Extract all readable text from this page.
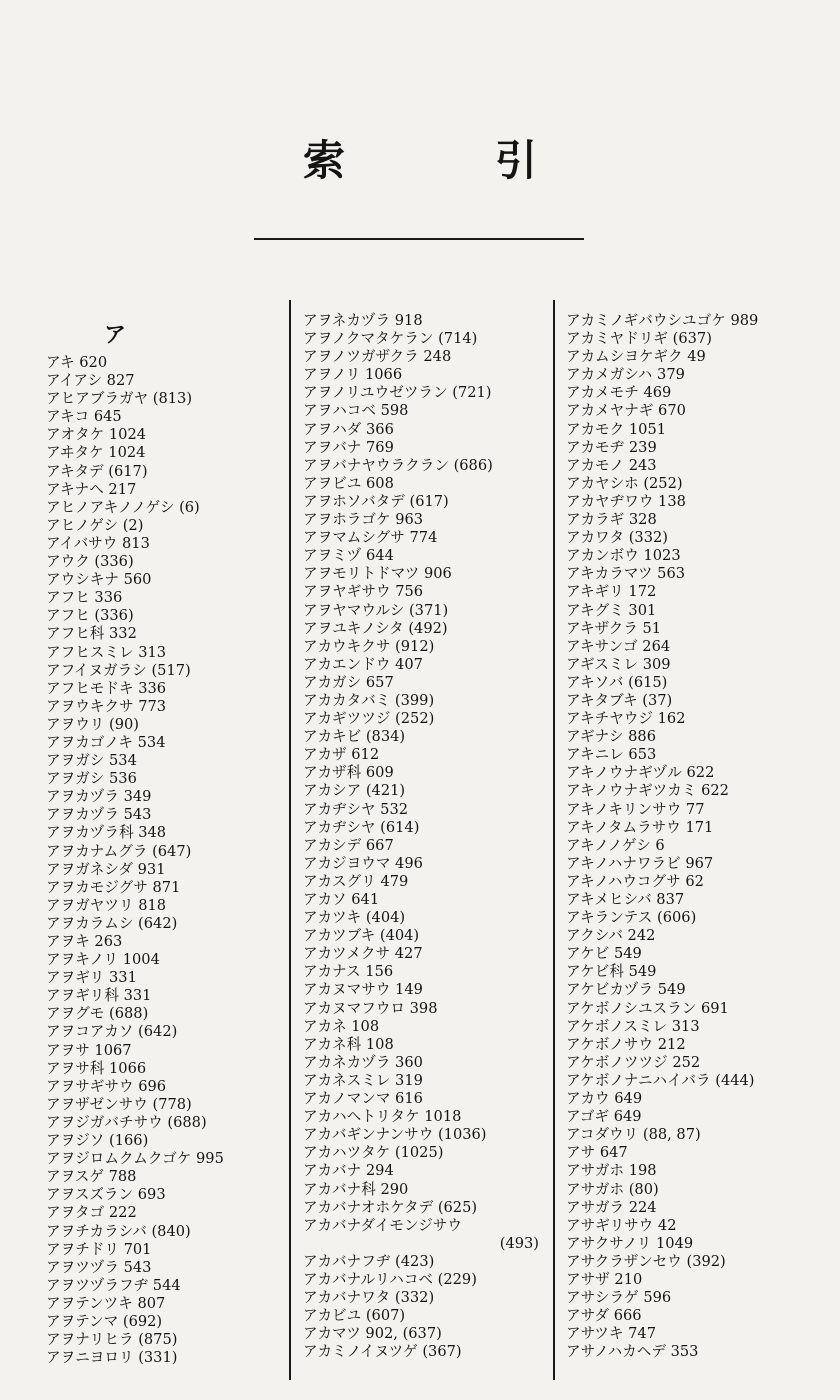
索	引
ア
アキ 620
アイアシ 827
アヒアブラガヤ (813)
アキコ 645
アオタケ 1024
アヰタケ 1024
アキタデ (617)
アキナヘ 217
アヒノアキノノゲシ (6)
アヒノゲシ (2)
アイバサウ 813
アウク (336)
アウシキナ 560
アフヒ 336
アフヒ (336)
アフヒ科 332
アフヒスミレ 313
アフイヌガラシ (517)
アフヒモドキ 336
アヲウキクサ 773
アヲウリ (90)
アヲカゴノキ 534
アヲガシ 534
アヲガシ 536
アヲカヅラ 349
アヲカヅラ 543
アヲカヅラ科 348
アヲカナムグラ (647)
アヲガネシダ 931
アヲカモジグサ 871
アヲガヤツリ 818
アヲカラムシ (642)
アヲキ 263
アヲキノリ 1004
アヲギリ 331
アヲギリ科 331
アヲグモ (688)
アヲコアカソ (642)
アヲサ 1067
アヲサ科 1066
アヲサギサウ 696
アヲザゼンサウ (778)
アヲジガバチサウ (688)
アヲジソ (166)
アヲジロムクムクゴケ 995
アヲスゲ 788
アヲスズラン 693
アヲタゴ 222
アヲチカラシバ (840)
アヲチドリ 701
アヲツヅラ 543
アヲツヅラフヂ 544
アヲテンツキ 807
アヲテンマ (692)
アヲナリヒラ (875)
アヲニヨロリ (331)
アヲネカヅラ 918
アヲノクマタケラン (714)
アヲノツガザクラ 248
アヲノリ 1066
アヲノリユウゼツラン (721)
アヲハコベ 598
アヲハダ 366
アヲバナ 769
アヲバナヤウラクラン (686)
アヲビユ 608
アヲホソバタデ (617)
アヲホラゴケ 963
アヲマムシグサ 774
アヲミヅ 644
アヲモリトドマツ 906
アヲヤギサウ 756
アヲヤマウルシ (371)
アヲユキノシタ (492)
アカウキクサ (912)
アカエンドウ 407
アカガシ 657
アカカタバミ (399)
アカギツツジ (252)
アカキビ (834)
アカザ 612
アカザ科 609
アカシア (421)
アカヂシヤ 532
アカヂシヤ (614)
アカシデ 667
アカジヨウマ 496
アカスグリ 479
アカソ 641
アカツキ (404)
アカツブキ (404)
アカツメクサ 427
アカナス 156
アカヌマサウ 149
アカヌマフウロ 398
アカネ 108
アカネ科 108
アカネカヅラ 360
アカネスミレ 319
アカノマンマ 616
アカハヘトリタケ 1018
アカバギンナンサウ (1036)
アカハツタケ (1025)
アカバナ 294
アカバナ科 290
アカバナオホケタデ (625)
アカバナダイモンジサウ
(493)
アカバナフヂ (423)
アカバナルリハコベ (229)
アカバナワタ (332)
アカビユ (607)
アカマツ 902, (637)
アカミノイヌツゲ (367)
アカミノギバウシユゴケ 989
アカミヤドリギ (637)
アカムシヨケギク 49
アカメガシハ 379
アカメモチ 469
アカメヤナギ 670
アカモク 1051
アカモヂ 239
アカモノ 243
アカヤシホ (252)
アカヤヂワウ 138
アカラギ 328
アカワタ (332)
アカンボウ 1023
アキカラマツ 563
アキギリ 172
アキグミ 301
アキザクラ 51
アキサンゴ 264
アギスミレ 309
アキソバ (615)
アキタブキ (37)
アキチヤウジ 162
アギナシ 886
アキニレ 653
アキノウナギヅル 622
アキノウナギツカミ 622
アキノキリンサウ 77
アキノタムラサウ 171
アキノノゲシ 6
アキノハナワラビ 967
アキノハウコグサ 62
アキメヒシバ 837
アキランテス (606)
アクシバ 242
アケビ 549
アケビ科 549
アケビカヅラ 549
アケボノシユスラン 691
アケボノスミレ 313
アケボノサウ 212
アケボノツツジ 252
アケボノナニハイバラ (444)
アカウ 649
アゴギ 649
アコダウリ (88, 87)
アサ 647
アサガホ 198
アサガホ (80)
アサガラ 224
アサギリサウ 42
アサクサノリ 1049
アサクラザンセウ (392)
アサザ 210
アサシラゲ 596
アサダ 666
アサツキ 747
アサノハカヘデ 353
